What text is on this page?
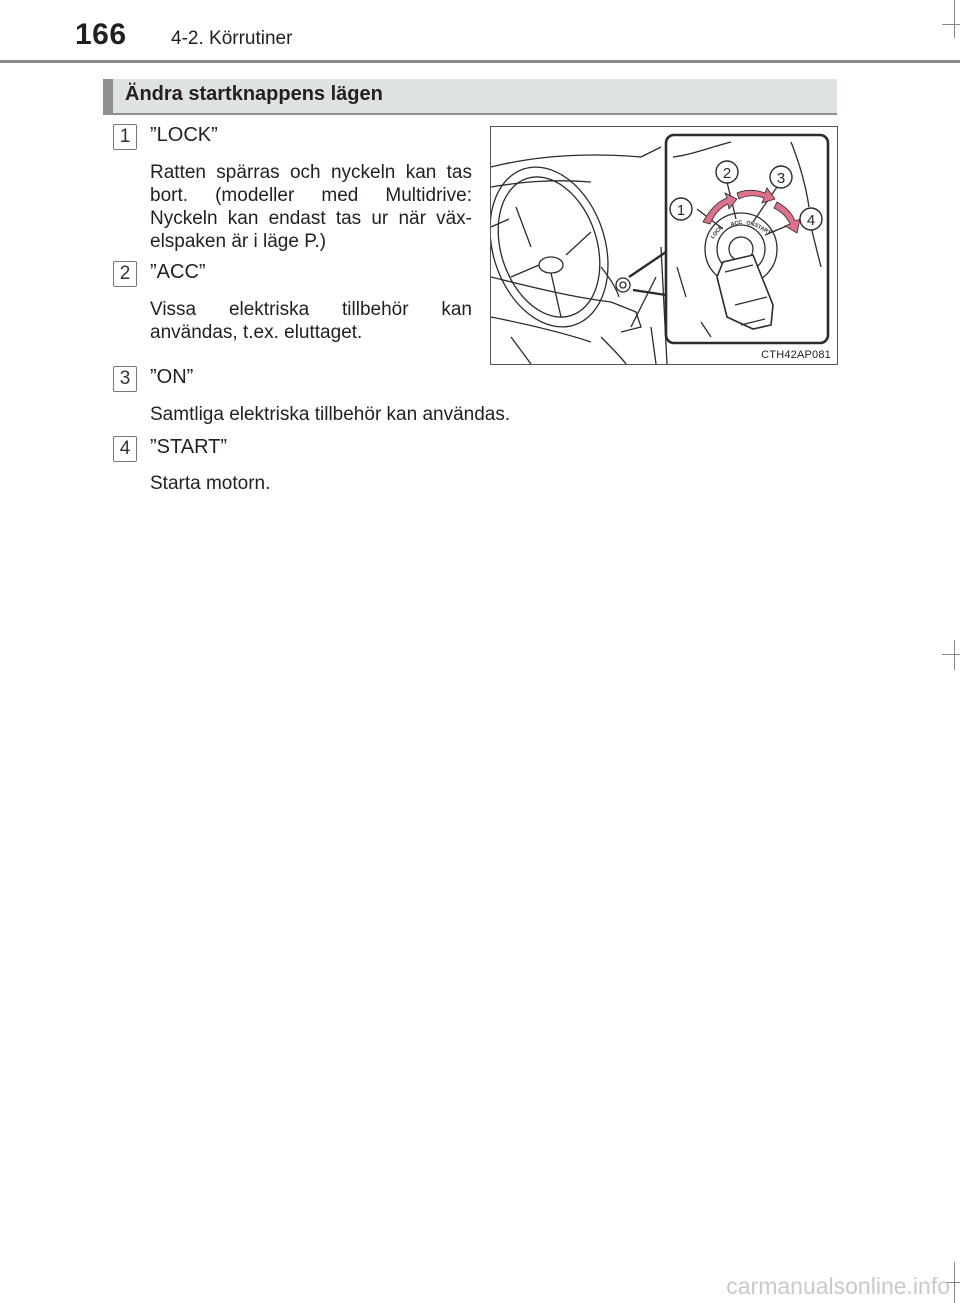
166 4-2. Körrutiner
Ändra startknappens lägen
1 ”LOCK”
Ratten spärras och nyckeln kan tas
bort. (modeller med Multidrive:
Nyckeln kan endast tas ur när väx-
elspaken är i läge P.)
2 ”ACC”
Vissa elektriska tillbehör kan
användas, t.ex. eluttaget.
3 ”ON”
Samtliga elektriska tillbehör kan användas.
4 ”START”
Starta motorn.
LOCK
ACC ON
START
1
2	3
4
CTH42AP081
carmanualsonline.info
